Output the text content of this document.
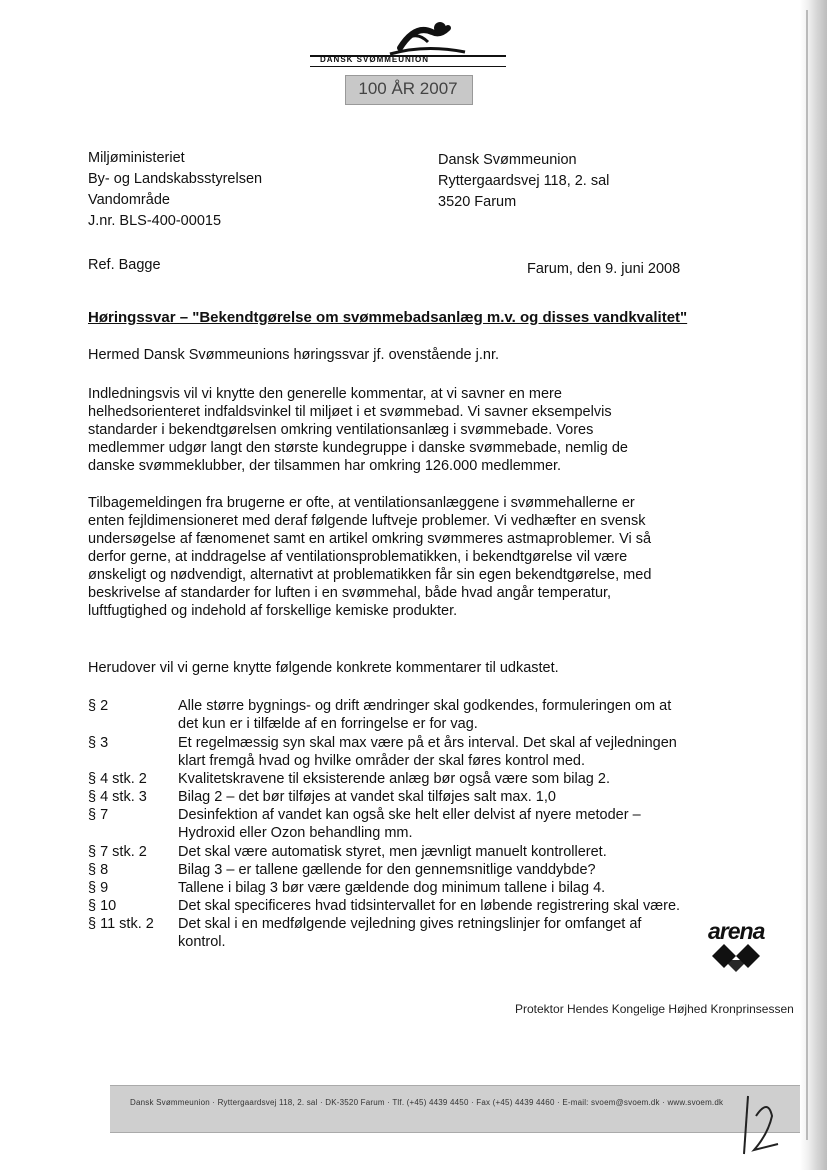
DANSK SVØMMEUNION
100 ÅR 2007
Miljøministeriet
By- og Landskabsstyrelsen
Vandområde
J.nr. BLS-400-00015
Dansk Svømmeunion
Ryttergaardsvej 118, 2. sal
3520 Farum
Ref. Bagge	Farum, den 9. juni 2008
Høringssvar – "Bekendtgørelse om svømmebadsanlæg m.v. og disses vandkvalitet"
Hermed Dansk Svømmeunions høringssvar jf. ovenstående j.nr.
Indledningsvis vil vi knytte den generelle kommentar, at vi savner en mere
helhedsorienteret indfaldsvinkel til miljøet i et svømmebad. Vi savner eksempelvis
standarder i bekendtgørelsen omkring ventilationsanlæg i svømmebade. Vores
medlemmer udgør langt den største kundegruppe i danske svømmebade, nemlig de
danske svømmeklubber, der tilsammen har omkring 126.000 medlemmer.
Tilbagemeldingen fra brugerne er ofte, at ventilationsanlæggene i svømmehallerne er
enten fejldimensioneret med deraf følgende luftveje problemer. Vi vedhæfter en svensk
undersøgelse af fænomenet samt en artikel omkring svømmeres astmaproblemer. Vi så
derfor gerne, at inddragelse af ventilationsproblematikken, i bekendtgørelse vil være
ønskeligt og nødvendigt, alternativt at problematikken får sin egen bekendtgørelse, med
beskrivelse af standarder for luften i en svømmehal, både hvad angår temperatur,
luftfugtighed og indehold af forskellige kemiske produkter.
Herudover vil vi gerne knytte følgende konkrete kommentarer til udkastet.
§ 2	Alle større bygnings- og drift ændringer skal godkendes, formuleringen om at
det kun er i tilfælde af en forringelse er for vag.
§ 3	Et regelmæssig syn skal max være på et års interval. Det skal af vejledningen
klart fremgå hvad og hvilke områder der skal føres kontrol med.
§ 4 stk. 2	Kvalitetskravene til eksisterende anlæg bør også være som bilag 2.
§ 4 stk. 3	Bilag 2 – det bør tilføjes at vandet skal tilføjes salt max. 1,0
§ 7	Desinfektion af vandet kan også ske helt eller delvist af nyere metoder –
Hydroxid eller Ozon behandling mm.
§ 7 stk. 2	Det skal være automatisk styret, men jævnligt manuelt kontrolleret.
§ 8	Bilag 3 – er tallene gællende for den gennemsnitlige vanddybde?
§ 9	Tallene i bilag 3 bør være gældende dog minimum tallene i bilag 4.
§ 10	Det skal specificeres hvad tidsintervallet for en løbende registrering skal være.
§ 11 stk. 2	Det skal i en medfølgende vejledning gives retningslinjer for omfanget af
kontrol.	arena
Protektor Hendes Kongelige Højhed Kronprinsessen
Dansk Svømmeunion · Ryttergaardsvej 118, 2. sal · DK-3520 Farum · Tlf. (+45) 4439 4450 · Fax (+45) 4439 4460 · E-mail: svoem@svoem.dk · www.svoem.dk
